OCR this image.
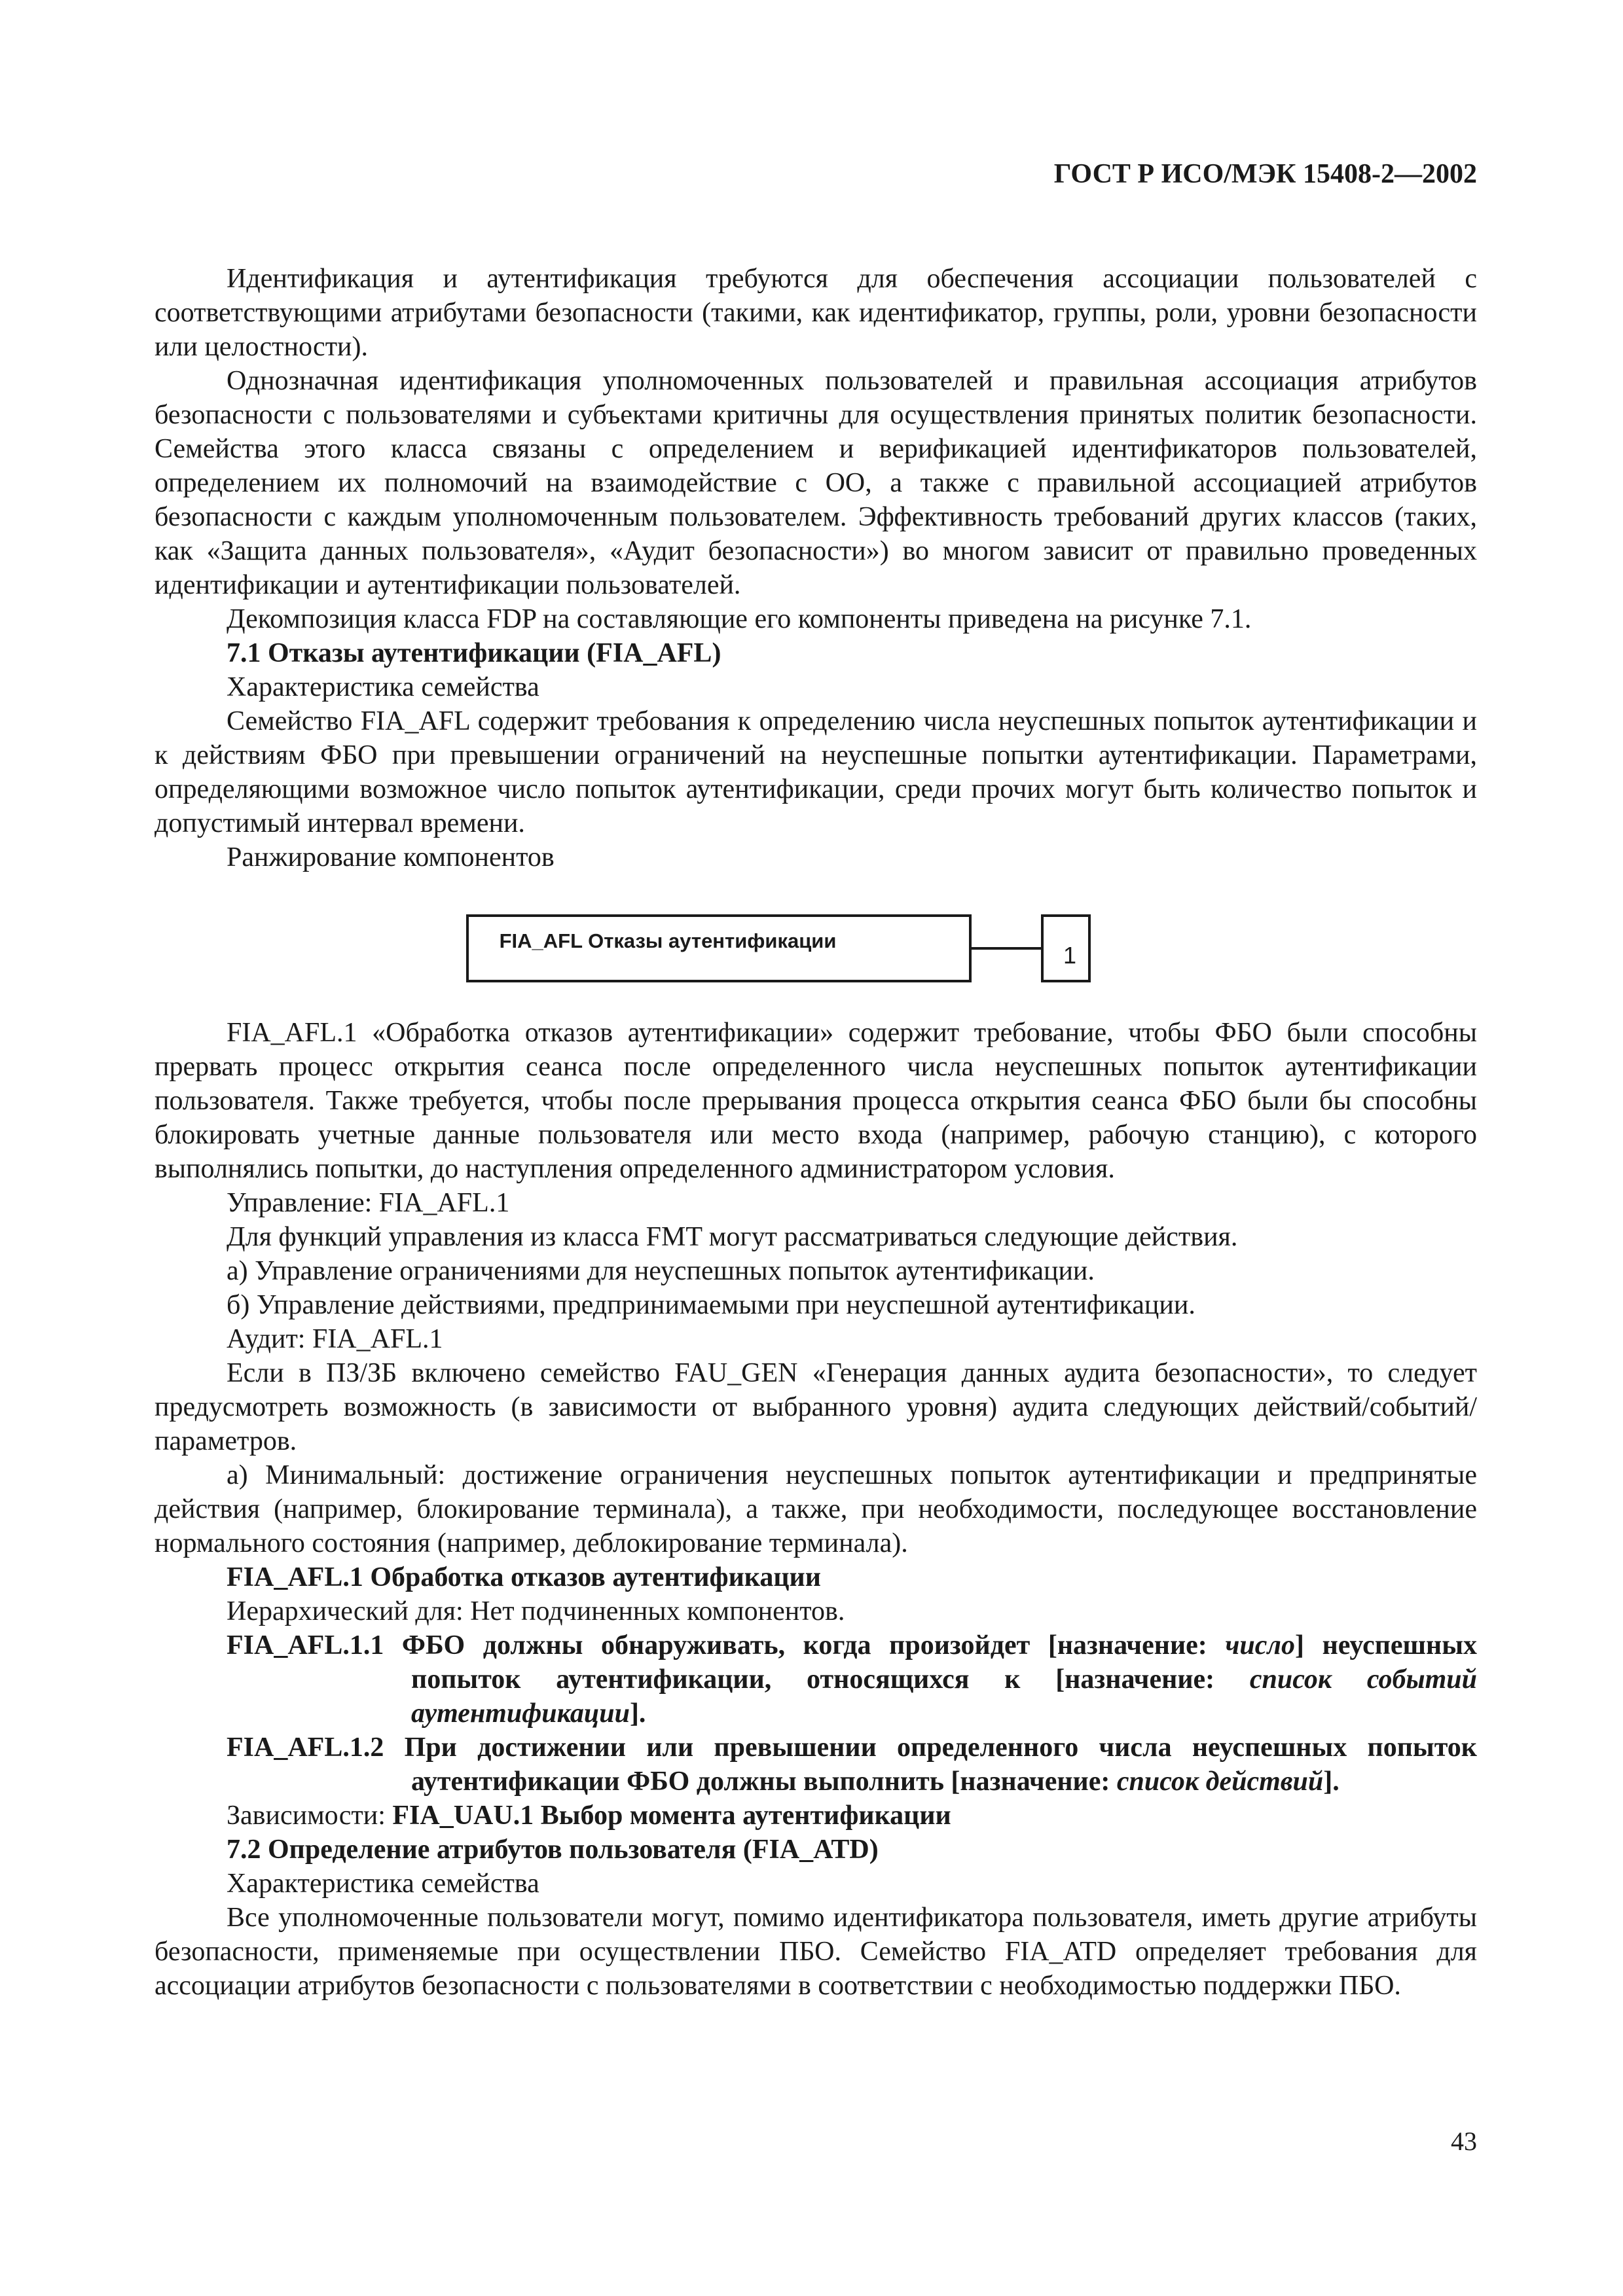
ГОСТ Р ИСО/МЭК 15408-2—2002

Идентификация и аутентификация требуются для обеспечения ассоциации пользователей с соответствующими атрибутами безопасности (такими, как идентификатор, группы, роли, уровни безопасности или целостности).

Однозначная идентификация уполномоченных пользователей и правильная ассоциация атрибутов безопасности с пользователями и субъектами критичны для осуществления принятых политик безопасности. Семейства этого класса связаны с определением и верификацией идентификаторов пользователей, определением их полномочий на взаимодействие с ОО, а также с правильной ассоциацией атрибутов безопасности с каждым уполномоченным пользователем. Эффективность требований других классов (таких, как «Защита данных пользователя», «Аудит безопасности») во многом зависит от правильно проведенных идентификации и аутентификации пользователей.

Декомпозиция класса FDP на составляющие его компоненты приведена на рисунке 7.1.

7.1 Отказы аутентификации (FIA_AFL)

Характеристика семейства

Семейство FIA_AFL содержит требования к определению числа неуспешных попыток аутентификации и к действиям ФБО при превышении ограничений на неуспешные попытки аутентификации. Параметрами, определяющими возможное число попыток аутентификации, среди прочих могут быть количество попыток и допустимый интервал времени.

Ранжирование компонентов

FIA_AFL Отказы аутентификации
1

FIA_AFL.1 «Обработка отказов аутентификации» содержит требование, чтобы ФБО были способны прервать процесс открытия сеанса после определенного числа неуспешных попыток аутентификации пользователя. Также требуется, чтобы после прерывания процесса открытия сеанса ФБО были бы способны блокировать учетные данные пользователя или место входа (например, рабочую станцию), с которого выполнялись попытки, до наступления определенного администратором условия.

Управление: FIA_AFL.1

Для функций управления из класса FMT могут рассматриваться следующие действия.

а) Управление ограничениями для неуспешных попыток аутентификации.

б) Управление действиями, предпринимаемыми при неуспешной аутентификации.

Аудит: FIA_AFL.1

Если в ПЗ/ЗБ включено семейство FAU_GEN «Генерация данных аудита безопасности», то следует предусмотреть возможность (в зависимости от выбранного уровня) аудита следующих действий/событий/параметров.

а) Минимальный: достижение ограничения неуспешных попыток аутентификации и предпринятые действия (например, блокирование терминала), а также, при необходимости, последующее восстановление нормального состояния (например, деблокирование терминала).

FIA_AFL.1 Обработка отказов аутентификации

Иерархический для: Нет подчиненных компонентов.

FIA_AFL.1.1 ФБО должны обнаруживать, когда произойдет [назначение: число] неуспешных попыток аутентификации, относящихся к [назначение: список событий аутентификации].

FIA_AFL.1.2 При достижении или превышении определенного числа неуспешных попыток аутентификации ФБО должны выполнить [назначение: список действий].

Зависимости: FIA_UAU.1 Выбор момента аутентификации

7.2 Определение атрибутов пользователя (FIA_ATD)

Характеристика семейства

Все уполномоченные пользователи могут, помимо идентификатора пользователя, иметь другие атрибуты безопасности, применяемые при осуществлении ПБО. Семейство FIA_ATD определяет требования для ассоциации атрибутов безопасности с пользователями в соответствии с необходимостью поддержки ПБО.

43
